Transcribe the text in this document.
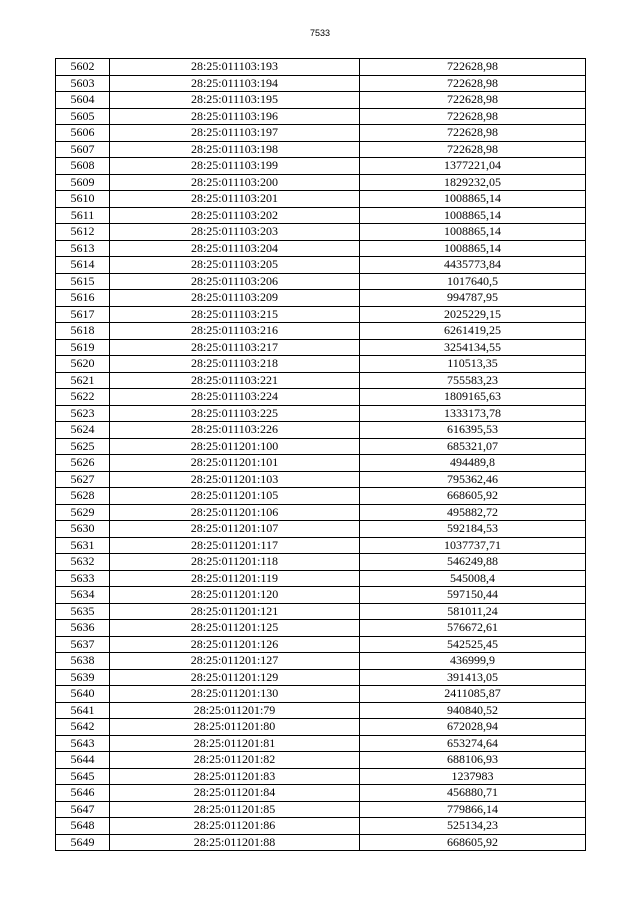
7533
5602	28:25:011103:193	722628,98
5603	28:25:011103:194	722628,98
5604	28:25:011103:195	722628,98
5605	28:25:011103:196	722628,98
5606	28:25:011103:197	722628,98
5607	28:25:011103:198	722628,98
5608	28:25:011103:199	1377221,04
5609	28:25:011103:200	1829232,05
5610	28:25:011103:201	1008865,14
5611	28:25:011103:202	1008865,14
5612	28:25:011103:203	1008865,14
5613	28:25:011103:204	1008865,14
5614	28:25:011103:205	4435773,84
5615	28:25:011103:206	1017640,5
5616	28:25:011103:209	994787,95
5617	28:25:011103:215	2025229,15
5618	28:25:011103:216	6261419,25
5619	28:25:011103:217	3254134,55
5620	28:25:011103:218	110513,35
5621	28:25:011103:221	755583,23
5622	28:25:011103:224	1809165,63
5623	28:25:011103:225	1333173,78
5624	28:25:011103:226	616395,53
5625	28:25:011201:100	685321,07
5626	28:25:011201:101	494489,8
5627	28:25:011201:103	795362,46
5628	28:25:011201:105	668605,92
5629	28:25:011201:106	495882,72
5630	28:25:011201:107	592184,53
5631	28:25:011201:117	1037737,71
5632	28:25:011201:118	546249,88
5633	28:25:011201:119	545008,4
5634	28:25:011201:120	597150,44
5635	28:25:011201:121	581011,24
5636	28:25:011201:125	576672,61
5637	28:25:011201:126	542525,45
5638	28:25:011201:127	436999,9
5639	28:25:011201:129	391413,05
5640	28:25:011201:130	2411085,87
5641	28:25:011201:79	940840,52
5642	28:25:011201:80	672028,94
5643	28:25:011201:81	653274,64
5644	28:25:011201:82	688106,93
5645	28:25:011201:83	1237983
5646	28:25:011201:84	456880,71
5647	28:25:011201:85	779866,14
5648	28:25:011201:86	525134,23
5649	28:25:011201:88	668605,92
